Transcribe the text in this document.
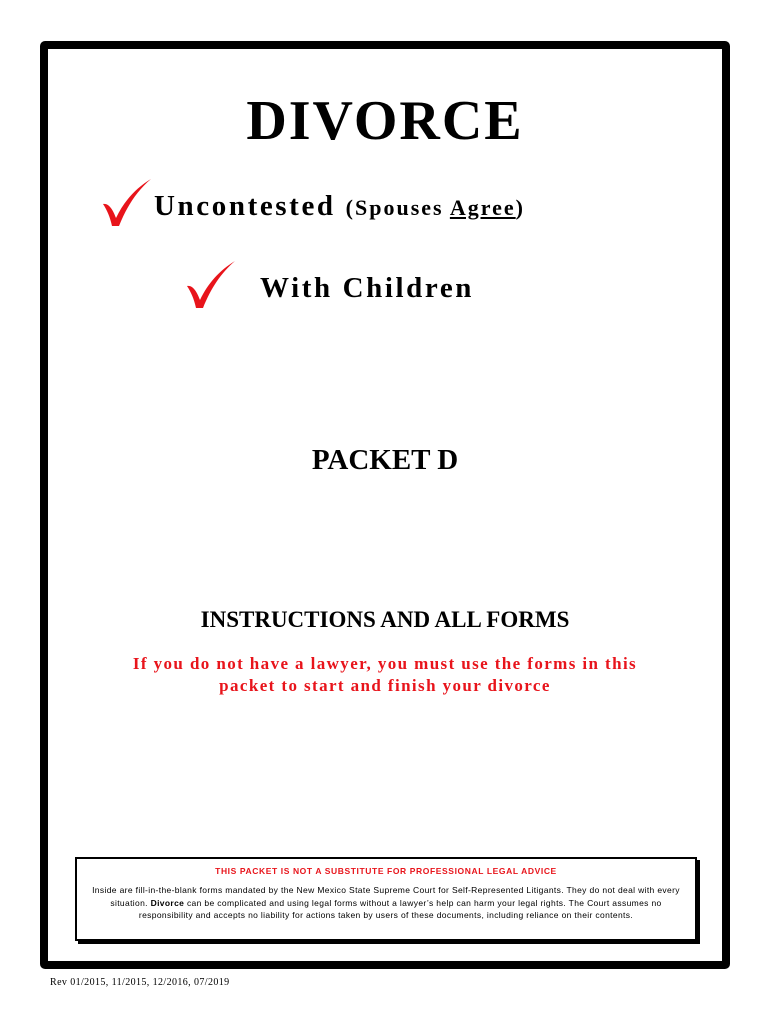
DIVORCE
Uncontested (Spouses Agree)
With Children
PACKET D
INSTRUCTIONS AND ALL FORMS

If you do not have a lawyer, you must use the forms in this
packet to start and finish your divorce

THIS PACKET IS NOT A SUBSTITUTE FOR PROFESSIONAL LEGAL ADVICE

Inside are fill-in-the-blank forms mandated by the New Mexico State Supreme Court for Self-Represented Litigants. They do not deal with every situation. Divorce can be complicated and using legal forms without a lawyer’s help can harm your legal rights. The Court assumes no responsibility and accepts no liability for actions taken by users of these documents, including reliance on their contents.

Rev 01/2015, 11/2015, 12/2016, 07/2019
